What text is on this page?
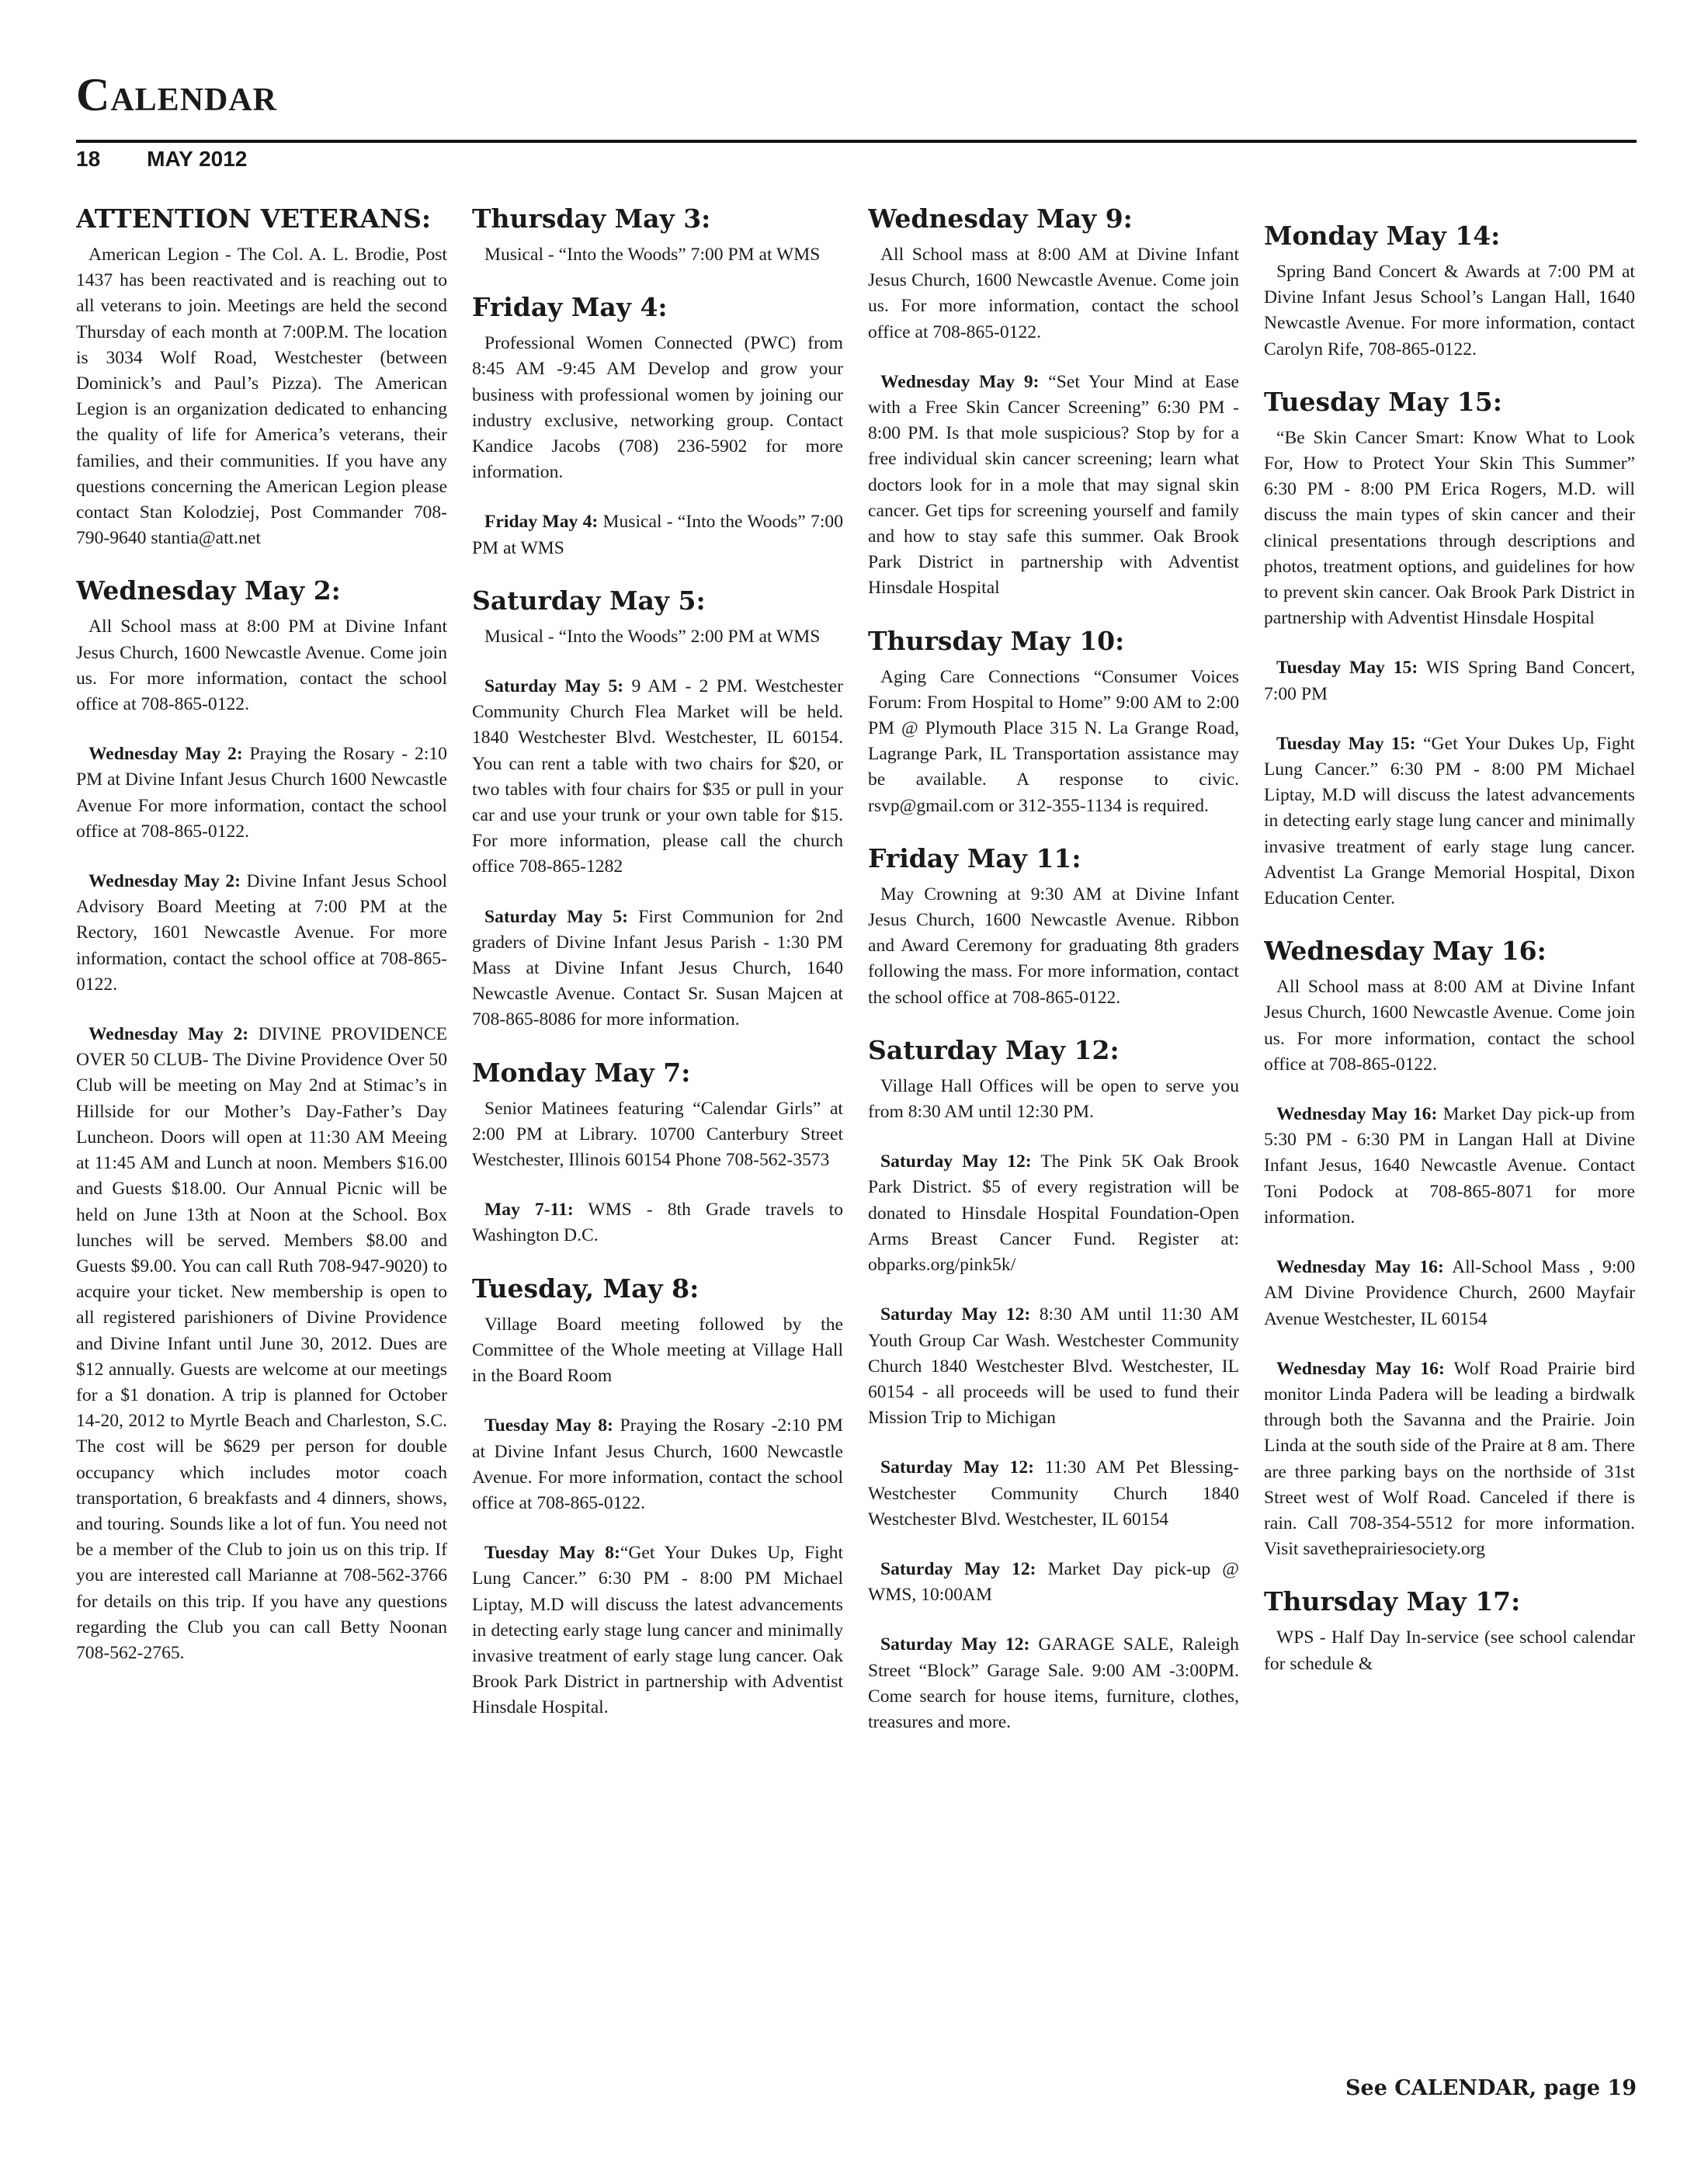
Calendar
18 MAY 2012
ATTENTION VETERANS:

American Legion - The Col. A. L. Brodie, Post 1437 has been reactivated and is reaching out to all veterans to join. Meetings are held the second Thursday of each month at 7:00P.M. The location is 3034 Wolf Road, Westchester (between Dominick’s and Paul’s Pizza). The American Legion is an organization dedicated to enhancing the quality of life for America’s veterans, their families, and their communities. If you have any questions concerning the American Legion please contact Stan Kolodziej, Post Commander 708-790-9640 stantia@att.net

Wednesday May 2:

All School mass at 8:00 PM at Divine Infant Jesus Church, 1600 Newcastle Avenue. Come join us. For more information, contact the school office at 708-865-0122.

Wednesday May 2: Praying the Rosary - 2:10 PM at Divine Infant Jesus Church 1600 Newcastle Avenue For more information, contact the school office at 708-865-0122.

Wednesday May 2: Divine Infant Jesus School Advisory Board Meeting at 7:00 PM at the Rectory, 1601 Newcastle Avenue. For more information, contact the school office at 708-865-0122.

Wednesday May 2: DIVINE PROVIDENCE OVER 50 CLUB- The Divine Providence Over 50 Club will be meeting on May 2nd at Stimac’s in Hillside for our Mother’s Day-Father’s Day Luncheon. Doors will open at 11:30 AM Meeing at 11:45 AM and Lunch at noon. Members $16.00 and Guests $18.00. Our Annual Picnic will be held on June 13th at Noon at the School. Box lunches will be served. Members $8.00 and Guests $9.00. You can call Ruth 708-947-9020) to acquire your ticket. New membership is open to all registered parishioners of Divine Providence and Divine Infant until June 30, 2012. Dues are $12 annually. Guests are welcome at our meetings for a $1 donation. A trip is planned for October 14-20, 2012 to Myrtle Beach and Charleston, S.C. The cost will be $629 per person for double occupancy which includes motor coach transportation, 6 breakfasts and 4 dinners, shows, and touring. Sounds like a lot of fun. You need not be a member of the Club to join us on this trip. If you are interested call Marianne at 708-562-3766 for details on this trip. If you have any questions regarding the Club you can call Betty Noonan 708-562-2765.

Thursday May 3:

Musical - “Into the Woods” 7:00 PM at WMS

Friday May 4:

Professional Women Connected (PWC) from 8:45 AM -9:45 AM Develop and grow your business with professional women by joining our industry exclusive, networking group. Contact Kandice Jacobs (708) 236-5902 for more information.

Friday May 4: Musical - “Into the Woods” 7:00 PM at WMS

Saturday May 5:

Musical - “Into the Woods” 2:00 PM at WMS

Saturday May 5: 9 AM - 2 PM. Westchester Community Church Flea Market will be held. 1840 Westchester Blvd. Westchester, IL 60154. You can rent a table with two chairs for $20, or two tables with four chairs for $35 or pull in your car and use your trunk or your own table for $15. For more information, please call the church office 708-865-1282

Saturday May 5: First Communion for 2nd graders of Divine Infant Jesus Parish - 1:30 PM Mass at Divine Infant Jesus Church, 1640 Newcastle Avenue. Contact Sr. Susan Majcen at 708-865-8086 for more information.

Monday May 7:

Senior Matinees featuring “Calendar Girls” at 2:00 PM at Library. 10700 Canterbury Street Westchester, Illinois 60154 Phone 708-562-3573

May 7-11: WMS - 8th Grade travels to Washington D.C.

Tuesday, May 8:

Village Board meeting followed by the Committee of the Whole meeting at Village Hall in the Board Room

Tuesday May 8: Praying the Rosary -2:10 PM at Divine Infant Jesus Church, 1600 Newcastle Avenue. For more information, contact the school office at 708-865-0122.

Tuesday May 8:“Get Your Dukes Up, Fight Lung Cancer.” 6:30 PM - 8:00 PM Michael Liptay, M.D will discuss the latest advancements in detecting early stage lung cancer and minimally invasive treatment of early stage lung cancer. Oak Brook Park District in partnership with Adventist Hinsdale Hospital.

Wednesday May 9:

All School mass at 8:00 AM at Divine Infant Jesus Church, 1600 Newcastle Avenue. Come join us. For more information, contact the school office at 708-865-0122.

Wednesday May 9: “Set Your Mind at Ease with a Free Skin Cancer Screening” 6:30 PM - 8:00 PM. Is that mole suspicious? Stop by for a free individual skin cancer screening; learn what doctors look for in a mole that may signal skin cancer. Get tips for screening yourself and family and how to stay safe this summer. Oak Brook Park District in partnership with Adventist Hinsdale Hospital

Thursday May 10:

Aging Care Connections “Consumer Voices Forum: From Hospital to Home” 9:00 AM to 2:00 PM @ Plymouth Place 315 N. La Grange Road, Lagrange Park, IL Transportation assistance may be available. A response to civic. rsvp@gmail.com or 312-355-1134 is required.

Friday May 11:

May Crowning at 9:30 AM at Divine Infant Jesus Church, 1600 Newcastle Avenue. Ribbon and Award Ceremony for graduating 8th graders following the mass. For more information, contact the school office at 708-865-0122.

Saturday May 12:

Village Hall Offices will be open to serve you from 8:30 AM until 12:30 PM.

Saturday May 12: The Pink 5K Oak Brook Park District. $5 of every registration will be donated to Hinsdale Hospital Foundation-Open Arms Breast Cancer Fund. Register at: obparks.org/pink5k/

Saturday May 12: 8:30 AM until 11:30 AM Youth Group Car Wash. Westchester Community Church 1840 Westchester Blvd. Westchester, IL 60154 - all proceeds will be used to fund their Mission Trip to Michigan

Saturday May 12: 11:30 AM Pet Blessing- Westchester Community Church 1840 Westchester Blvd. Westchester, IL 60154

Saturday May 12: Market Day pick-up @ WMS, 10:00AM

Saturday May 12: GARAGE SALE, Raleigh Street “Block” Garage Sale. 9:00 AM -3:00PM. Come search for house items, furniture, clothes, treasures and more.

Monday May 14:

Spring Band Concert & Awards at 7:00 PM at Divine Infant Jesus School’s Langan Hall, 1640 Newcastle Avenue. For more information, contact Carolyn Rife, 708-865-0122.

Tuesday May 15:

“Be Skin Cancer Smart: Know What to Look For, How to Protect Your Skin This Summer” 6:30 PM - 8:00 PM Erica Rogers, M.D. will discuss the main types of skin cancer and their clinical presentations through descriptions and photos, treatment options, and guidelines for how to prevent skin cancer. Oak Brook Park District in partnership with Adventist Hinsdale Hospital

Tuesday May 15: WIS Spring Band Concert, 7:00 PM

Tuesday May 15: “Get Your Dukes Up, Fight Lung Cancer.” 6:30 PM - 8:00 PM Michael Liptay, M.D will discuss the latest advancements in detecting early stage lung cancer and minimally invasive treatment of early stage lung cancer. Adventist La Grange Memorial Hospital, Dixon Education Center.

Wednesday May 16:

All School mass at 8:00 AM at Divine Infant Jesus Church, 1600 Newcastle Avenue. Come join us. For more information, contact the school office at 708-865-0122.

Wednesday May 16: Market Day pick-up from 5:30 PM - 6:30 PM in Langan Hall at Divine Infant Jesus, 1640 Newcastle Avenue. Contact Toni Podock at 708-865-8071 for more information.

Wednesday May 16: All-School Mass , 9:00 AM Divine Providence Church, 2600 Mayfair Avenue Westchester, IL 60154

Wednesday May 16: Wolf Road Prairie bird monitor Linda Padera will be leading a birdwalk through both the Savanna and the Prairie. Join Linda at the south side of the Praire at 8 am. There are three parking bays on the northside of 31st Street west of Wolf Road. Canceled if there is rain. Call 708-354-5512 for more information. Visit savetheprairiesociety.org

Thursday May 17:

WPS - Half Day In-service (see school calendar for schedule &

See CALENDAR, page 19
